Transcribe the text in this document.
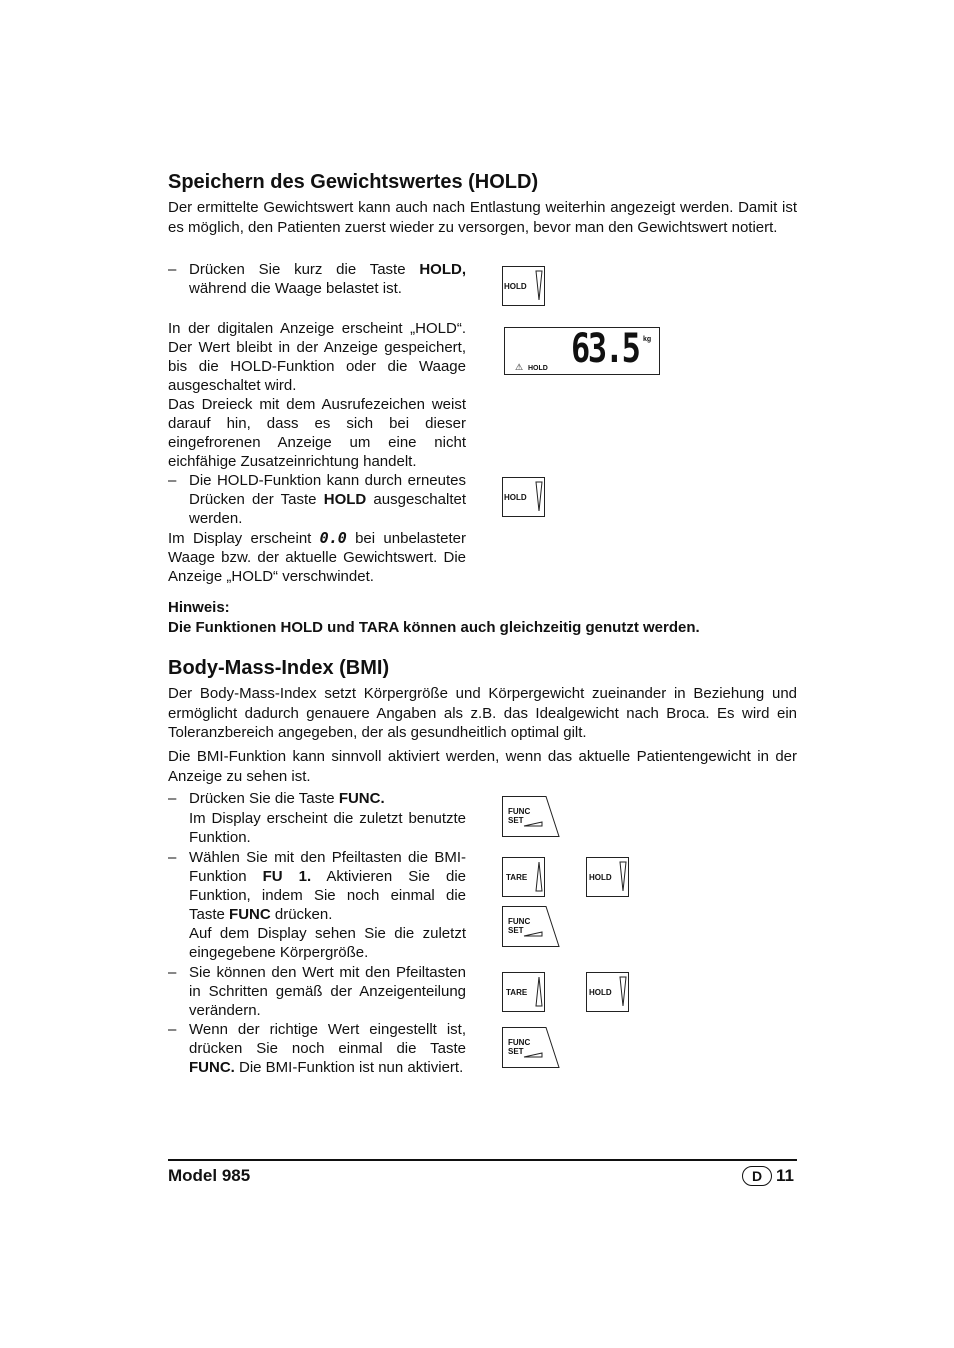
Speichern des Gewichtswertes (HOLD)
Der ermittelte Gewichtswert kann auch nach Entlastung weiterhin angezeigt werden. Damit ist es möglich, den Patienten zuerst wieder zu versorgen, bevor man den Gewichtswert notiert.
– Drücken Sie kurz die Taste HOLD, während die Waage belastet ist.
In der digitalen Anzeige erscheint „HOLD“. Der Wert bleibt in der Anzeige gespeichert, bis die HOLD-Funktion oder die Waage ausgeschaltet wird.
Das Dreieck mit dem Ausrufezeichen weist darauf hin, dass es sich bei dieser eingefrorenen Anzeige um eine nicht eichfähige Zusatzeinrichtung handelt.
– Die HOLD-Funktion kann durch erneutes Drücken der Taste HOLD ausgeschaltet werden.
Im Display erscheint 0.0 bei unbelasteter Waage bzw. der aktuelle Gewichtswert. Die Anzeige „HOLD“ verschwindet.
Hinweis:
Die Funktionen HOLD und TARA können auch gleichzeitig genutzt werden.
HOLD
63.5 kg
⚠ HOLD
HOLD
Body-Mass-Index (BMI)
Der Body-Mass-Index setzt Körpergröße und Körpergewicht zueinander in Beziehung und ermöglicht dadurch genauere Angaben als z.B. das Idealgewicht nach Broca. Es wird ein Toleranzbereich angegeben, der als gesundheitlich optimal gilt.
Die BMI-Funktion kann sinnvoll aktiviert werden, wenn das aktuelle Patientengewicht in der Anzeige zu sehen ist.
– Drücken Sie die Taste FUNC.
Im Display erscheint die zuletzt benutzte Funktion.
– Wählen Sie mit den Pfeiltasten die BMI-Funktion FU 1. Aktivieren Sie die Funktion, indem Sie noch einmal die Taste FUNC drücken.
Auf dem Display sehen Sie die zuletzt eingegebene Körpergröße.
– Sie können den Wert mit den Pfeiltasten in Schritten gemäß der Anzeigenteilung verändern.
– Wenn der richtige Wert eingestellt ist, drücken Sie noch einmal die Taste FUNC. Die BMI-Funktion ist nun aktiviert.
FUNC
SET
TARE	HOLD
FUNC
SET
TARE	HOLD
FUNC
SET
Model 985	D 11
